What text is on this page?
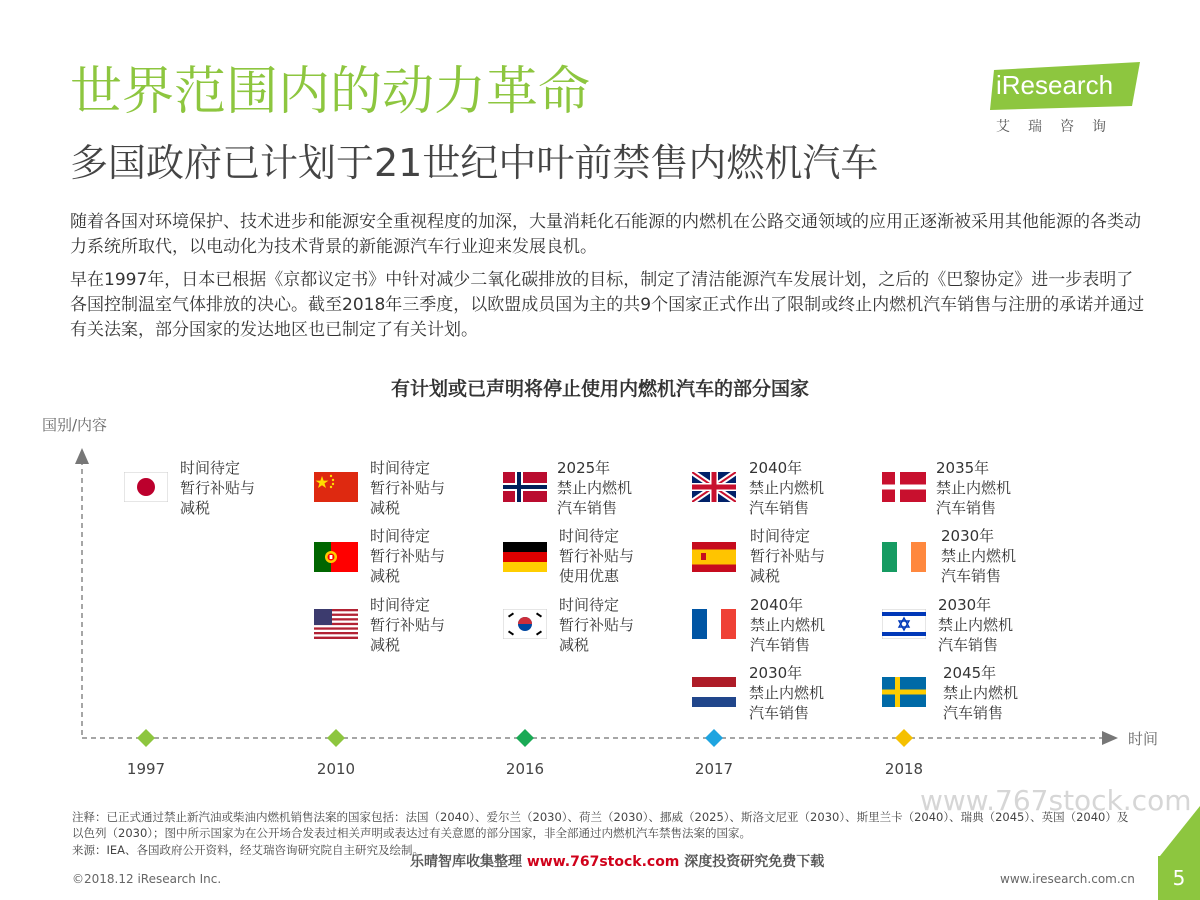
世界范围内的动力革命
多国政府已计划于21世纪中叶前禁售内燃机汽车
iResearch
艾瑞咨询
随着各国对环境保护、技术进步和能源安全重视程度的加深，大量消耗化石能源的内燃机在公路交通领域的应用正逐渐被采用其他能源的各类动力系统所取代，以电动化为技术背景的新能源汽车行业迎来发展良机。
早在1997年，日本已根据《京都议定书》中针对减少二氧化碳排放的目标，制定了清洁能源汽车发展计划，之后的《巴黎协定》进一步表明了各国控制温室气体排放的决心。截至2018年三季度，以欧盟成员国为主的共9个国家正式作出了限制或终止内燃机汽车销售与注册的承诺并通过有关法案，部分国家的发达地区也已制定了有关计划。
有计划或已声明将停止使用内燃机汽车的部分国家
国别/内容
时间
1997	2010	2016	2017	2018
时间待定
暂行补贴与
减税
时间待定
暂行补贴与
减税
时间待定
暂行补贴与
减税
时间待定
暂行补贴与
减税
2025年
禁止内燃机
汽车销售
时间待定
暂行补贴与
使用优惠
时间待定
暂行补贴与
减税
2040年
禁止内燃机
汽车销售
时间待定
暂行补贴与
减税
2040年
禁止内燃机
汽车销售
2030年
禁止内燃机
汽车销售
2035年
禁止内燃机
汽车销售
2030年
禁止内燃机
汽车销售
2030年
禁止内燃机
汽车销售
2045年
禁止内燃机
汽车销售
www.767stock.com
注释：已正式通过禁止新汽油或柴油内燃机销售法案的国家包括：法国（2040）、爱尔兰（2030）、荷兰（2030）、挪威（2025）、斯洛文尼亚（2030）、斯里兰卡（2040）、瑞典（2045）、英国（2040）及以色列（2030）；图中所示国家为在公开场合发表过相关声明或表达过有关意愿的部分国家，非全部通过内燃机汽车禁售法案的国家。
来源：IEA、各国政府公开资料，经艾瑞咨询研究院自主研究及绘制。
乐晴智库收集整理 www.767stock.com 深度投资研究免费下载
©2018.12 iResearch Inc.	www.iresearch.com.cn	5
